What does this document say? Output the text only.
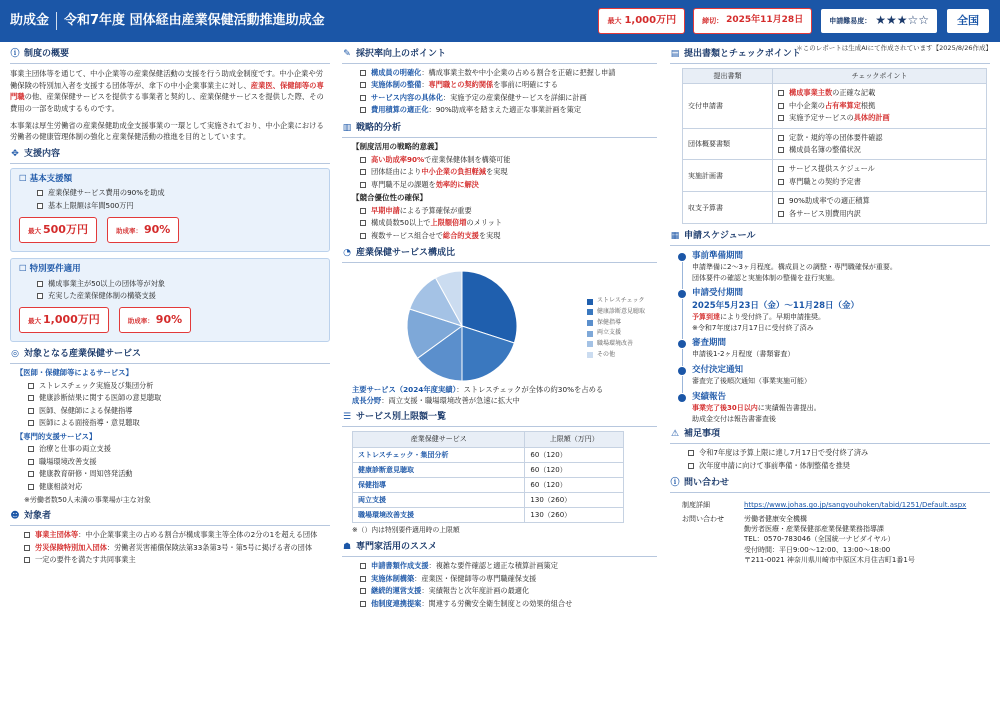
助成金 令和7年度 団体経由産業保健活動推進助成金	最大 1,000万円	締切： 2025年11月28日	申請難易度： ★★★☆☆	全国
＊このレポートは生成AIにて作成されています【2025/8/26作成】
ⓘ 制度の概要

事業主団体等を通じて、中小企業等の産業保健活動の支援を行う助成金制度です。中小企業や労働保険の特別加入者を支援する団体等が、傘下の中小企業事業主に対し、産業医、保健師等の専門職の他、産業保健サービスを提供する事業者と契約し、産業保健サービスを提供した際、その費用の一部を助成するものです。

本事業は厚生労働省の産業保健助成金支援事業の一環として実施されており、中小企業における労働者の健康管理体制の強化と産業保健活動の推進を目的としています。

✥ 支援内容
☐ 基本支援額
産業保健サービス費用の90%を助成
基本上限額は年間500万円
最大 500万円	助成率： 90%
☐ 特別要件適用
構成事業主が50以上の団体等が対象
充実した産業保健体制の構築支援
最大 1,000万円	助成率： 90%
◎ 対象となる産業保健サービス
【医師・保健師等によるサービス】
ストレスチェック実施及び集団分析
健康診断結果に関する医師の意見聴取
医師、保健師による保健指導
医師による面接指導・意見聴取
【専門的支援サービス】
治療と仕事の両立支援
職場環境改善支援
健康教育研修・周知啓発活動
健康相談対応
※労働者数50人未満の事業場が主な対象
☻ 対象者
事業主団体等：中小企業事業主の占める割合が構成事業主等全体の2分の1を超える団体
労災保険特別加入団体：労働者災害補償保険法第33条第3号・第5号に掲げる者の団体
一定の要件を満たす共同事業主
✎ 採択率向上のポイント
構成員の明確化：構成事業主数や中小企業の占める割合を正確に把握し申請
実施体制の整備：専門職との契約関係を事前に明確にする
サービス内容の具体化：実施予定の産業保健サービスを詳細に計画
費用積算の適正化：90%助成率を踏まえた適正な事業計画を策定
▥ 戦略的分析
【制度活用の戦略的意義】
高い助成率90%で産業保健体制を構築可能
団体経由により中小企業の負担軽減を実現
専門職不足の課題を効率的に解決
【競合優位性の確保】
早期申請による予算確保が重要
構成員数50以上で上限額倍増のメリット
複数サービス組合せで総合的支援を実現
◔ 産業保健サービス構成比
ストレスチェック
健康診断意見聴取
保健指導
両立支援
職場環境改善
その他
主要サービス（2024年度実績）：ストレスチェックが全体の約30%を占める
成長分野：両立支援・職場環境改善が急速に拡大中
☰ サービス別上限額一覧
産業保健サービス	上限額（万円）
ストレスチェック・集団分析	60（120）
健康診断意見聴取	60（120）
保健指導	60（120）
両立支援	130（260）
職場環境改善支援	130（260）
※（）内は特別要件適用時の上限額
☗ 専門家活用のススメ
申請書類作成支援：複雑な要件確認と適正な積算計画策定
実施体制構築：産業医・保健師等の専門職確保支援
継続的運営支援：実績報告と次年度計画の最適化
他制度連携提案：関連する労働安全衛生制度との効果的組合せ
▤ 提出書類とチェックポイント
提出書類	チェックポイント
交付申請書	構成事業主数の正確な記載
中小企業の占有率算定根拠
実施予定サービスの具体的計画

団体概要書類	定款・規約等の団体要件確認
構成員名簿の整備状況

実施計画書	サービス提供スケジュール
専門職との契約予定書

収支予算書	90%助成率での適正積算
各サービス別費用内訳
▦ 申請スケジュール
事前準備期間
申請準備に2〜3ヶ月程度。構成員との調整・専門職確保が重要。
団体要件の確認と実施体制の整備を並行実施。
申請受付期間
2025年5月23日（金）〜11月28日（金）
予算到達により受付終了。早期申請推奨。
※令和7年度は7月17日に受付終了済み
審査期間
申請後1-2ヶ月程度（書類審査）
交付決定通知
審査完了後順次通知（事業実施可能）
実績報告
事業完了後30日以内に実績報告書提出。
助成金交付は報告書審査後
⚠ 補足事項
令和7年度は予算上限に達し7月17日で受付終了済み
次年度申請に向けて事前準備・体制整備を推奨
ⓘ 問い合わせ
制度詳細	https://www.johas.go.jp/sangyouhoken/tabid/1251/Default.aspx
お問い合わせ	労働者健康安全機構
勤労者医療・産業保健部産業保健業務指導課
TEL：0570-783046（全国統一ナビダイヤル）
受付時間：平日9:00〜12:00、13:00〜18:00
〒211-0021 神奈川県川崎市中原区木月住吉町1番1号
